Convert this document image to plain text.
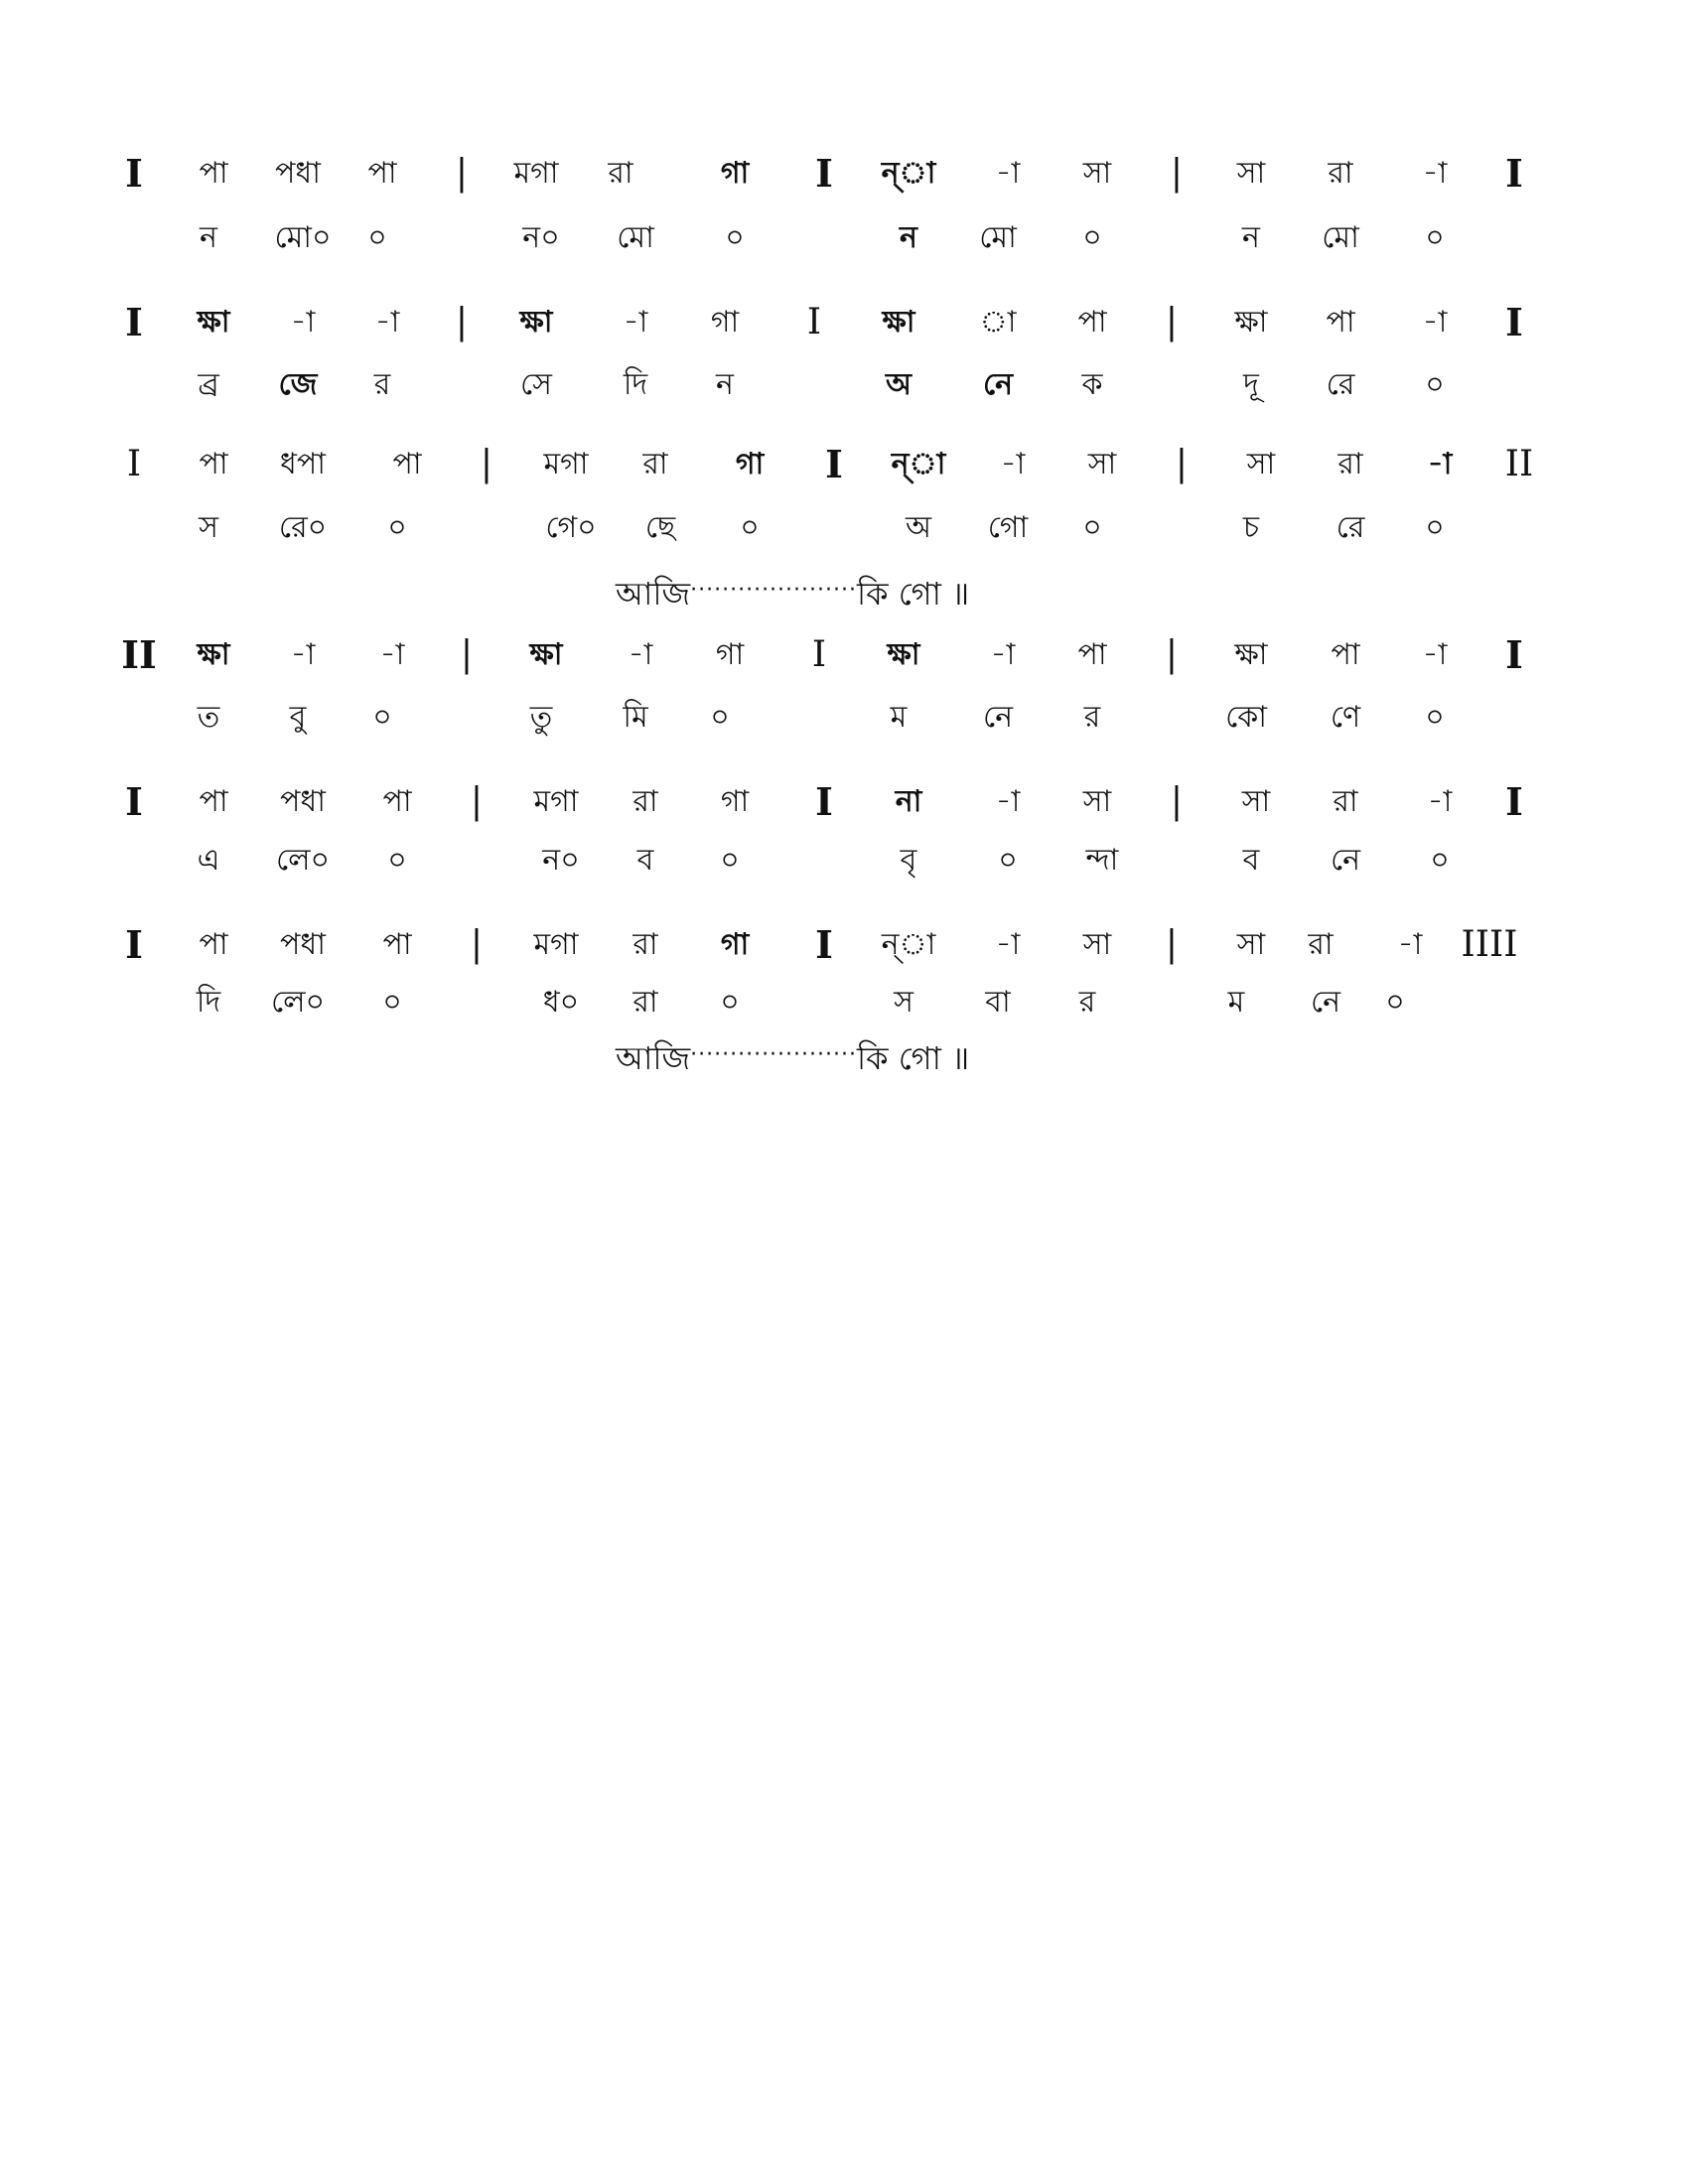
I পা পধা পা | মগা রা	গা I ন্া -া সা | সা রা -া I
ন মো০ ০	ন০ মো ০	ন মো ০	ন মো ০
I ক্ষা -া -া | ক্ষা -া গা I ক্ষা া পা | ক্ষা পা -া I
ব্র জে র	সে দি ন	অ নে ক	দূ রে ০
I পা ধপা পা | মগা রা গা I ন্া -া সা | সা রা -া II
স রে০ ০	গে০ ছে ০	অ গো ০	চ	রে ০
আজি·····················কি গো ॥
II ক্ষা -া -া | ক্ষা -া গা I ক্ষা -া পা | ক্ষা পা -া I
ত বু ০	তু মি ০	ম	নে র	কো ণে ০
I পা পধা পা | মগা রা গা I না -া সা | সা রা -া I
এ লে০ ০	ন০ ব ০	বৃ	০ ন্দা	ব নে ০
I পা পধা পা | মগা রা গা I ন্া -া সা | সা রা -া IIII
দি লে০ ০	ধ০ রা ০	স বা র	ম নে ০
আজি·····················কি গো ॥
